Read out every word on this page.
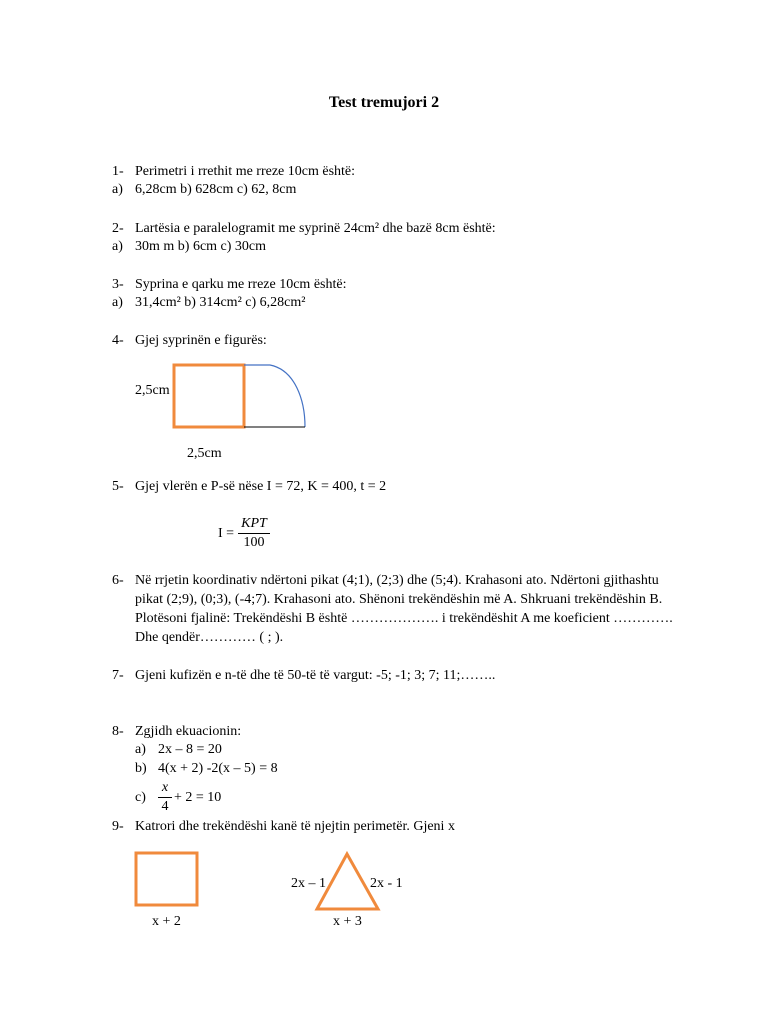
Test tremujori 2
1- Perimetri i rrethit me rreze 10cm është:
a) 6,28cm b) 628cm c) 62, 8cm
2- Lartësia e paralelogramit me syprinë 24cm² dhe bazë 8cm është:
a) 30m m b) 6cm c) 30cm
3- Syprina e qarku me rreze 10cm është:
a) 31,4cm² b) 314cm² c) 6,28cm²
4- Gjej syprinën e figurës:
2,5cm
2,5cm
5- Gjej vlerën e P-së nëse I = 72, K = 400, t = 2
I =
KPT
100
6- Në rrjetin koordinativ ndërtoni pikat (4;1), (2;3) dhe (5;4). Krahasoni ato. Ndërtoni gjithashtu
pikat (2;9), (0;3), (-4;7). Krahasoni ato. Shënoni trekëndëshin më A. Shkruani trekëndëshin B.
Plotësoni fjalinë: Trekëndëshi B është ………………. i trekëndëshit A me koeficient ………….
Dhe qendër………… ( ; ).
7- Gjeni kufizën e n-të dhe të 50-të të vargut: -5; -1; 3; 7; 11;……..
8- Zgjidh ekuacionin:
a) 2x – 8 = 20
b) 4(x + 2) -2(x – 5) = 8
$c) \frac{x}{4} + 2 = 10$
9- Katrori dhe trekëndëshi kanë të njejtin perimetër. Gjeni x
x + 2
2x – 1	2x - 1
x + 3
